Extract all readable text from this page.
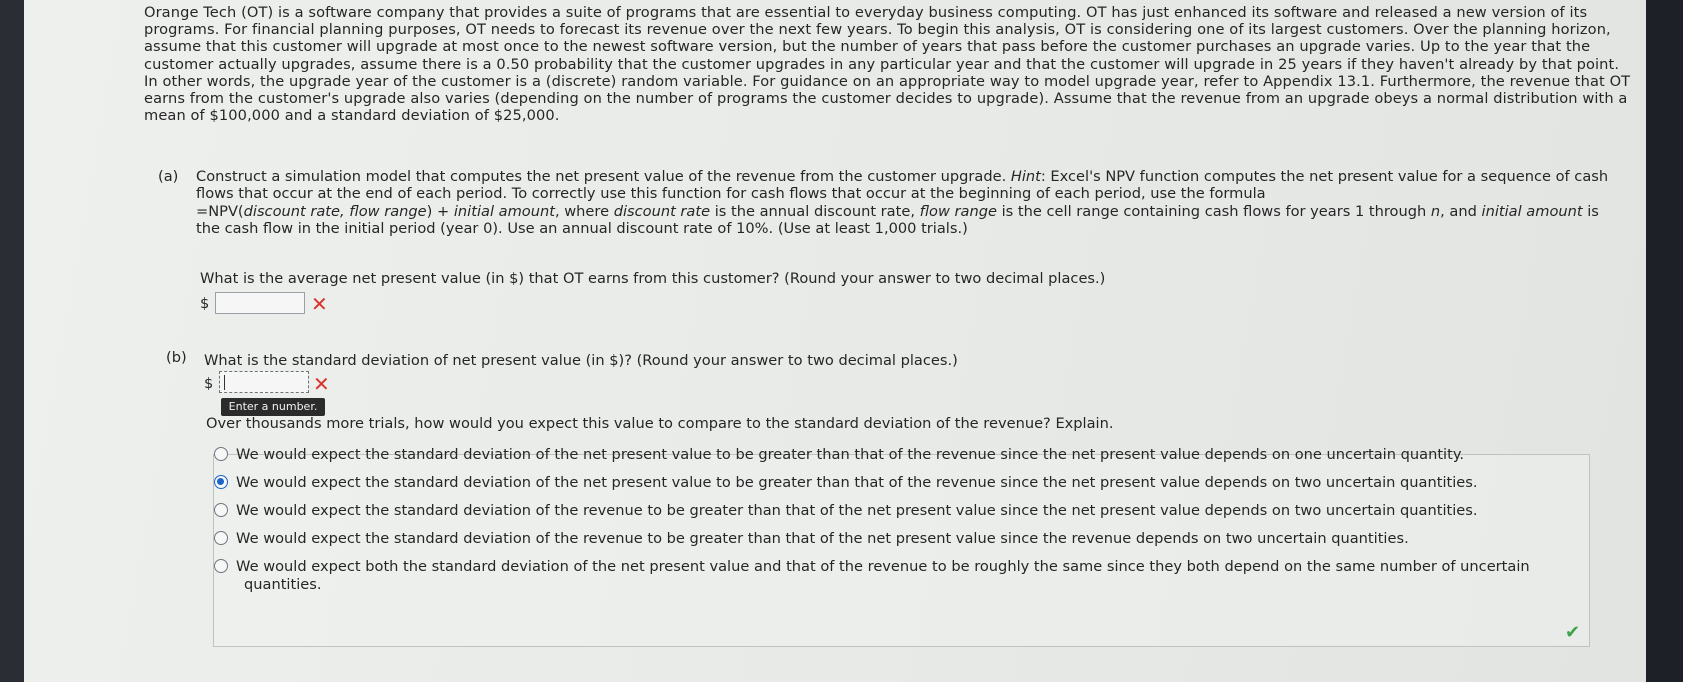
Orange Tech (OT) is a software company that provides a suite of programs that are essential to everyday business computing. OT has just enhanced its software and released a new version of its
programs. For financial planning purposes, OT needs to forecast its revenue over the next few years. To begin this analysis, OT is considering one of its largest customers. Over the planning horizon,
assume that this customer will upgrade at most once to the newest software version, but the number of years that pass before the customer purchases an upgrade varies. Up to the year that the
customer actually upgrades, assume there is a 0.50 probability that the customer upgrades in any particular year and that the customer will upgrade in 25 years if they haven't already by that point.
In other words, the upgrade year of the customer is a (discrete) random variable. For guidance on an appropriate way to model upgrade year, refer to Appendix 13.1. Furthermore, the revenue that OT
earns from the customer's upgrade also varies (depending on the number of programs the customer decides to upgrade). Assume that the revenue from an upgrade obeys a normal distribution with a
mean of $100,000 and a standard deviation of $25,000.
(a) Construct a simulation model that computes the net present value of the revenue from the customer upgrade. Hint: Excel's NPV function computes the net present value for a sequence of cash
flows that occur at the end of each period. To correctly use this function for cash flows that occur at the beginning of each period, use the formula
=NPV(discount rate, flow range) + initial amount, where discount rate is the annual discount rate, flow range is the cell range containing cash flows for years 1 through n, and initial amount is
the cash flow in the initial period (year 0). Use an annual discount rate of 10%. (Use at least 1,000 trials.)
What is the average net present value (in $) that OT earns from this customer? (Round your answer to two decimal places.)
$	✕
(b) What is the standard deviation of net present value (in $)? (Round your answer to two decimal places.)
$	✕
Enter a number.
Over thousands more trials, how would you expect this value to compare to the standard deviation of the revenue? Explain.
We would expect the standard deviation of the net present value to be greater than that of the revenue since the net present value depends on one uncertain quantity.
We would expect the standard deviation of the net present value to be greater than that of the revenue since the net present value depends on two uncertain quantities.
We would expect the standard deviation of the revenue to be greater than that of the net present value since the net present value depends on two uncertain quantities.
We would expect the standard deviation of the revenue to be greater than that of the net present value since the revenue depends on two uncertain quantities.
We would expect both the standard deviation of the net present value and that of the revenue to be roughly the same since they both depend on the same number of uncertain
quantities.
✔
